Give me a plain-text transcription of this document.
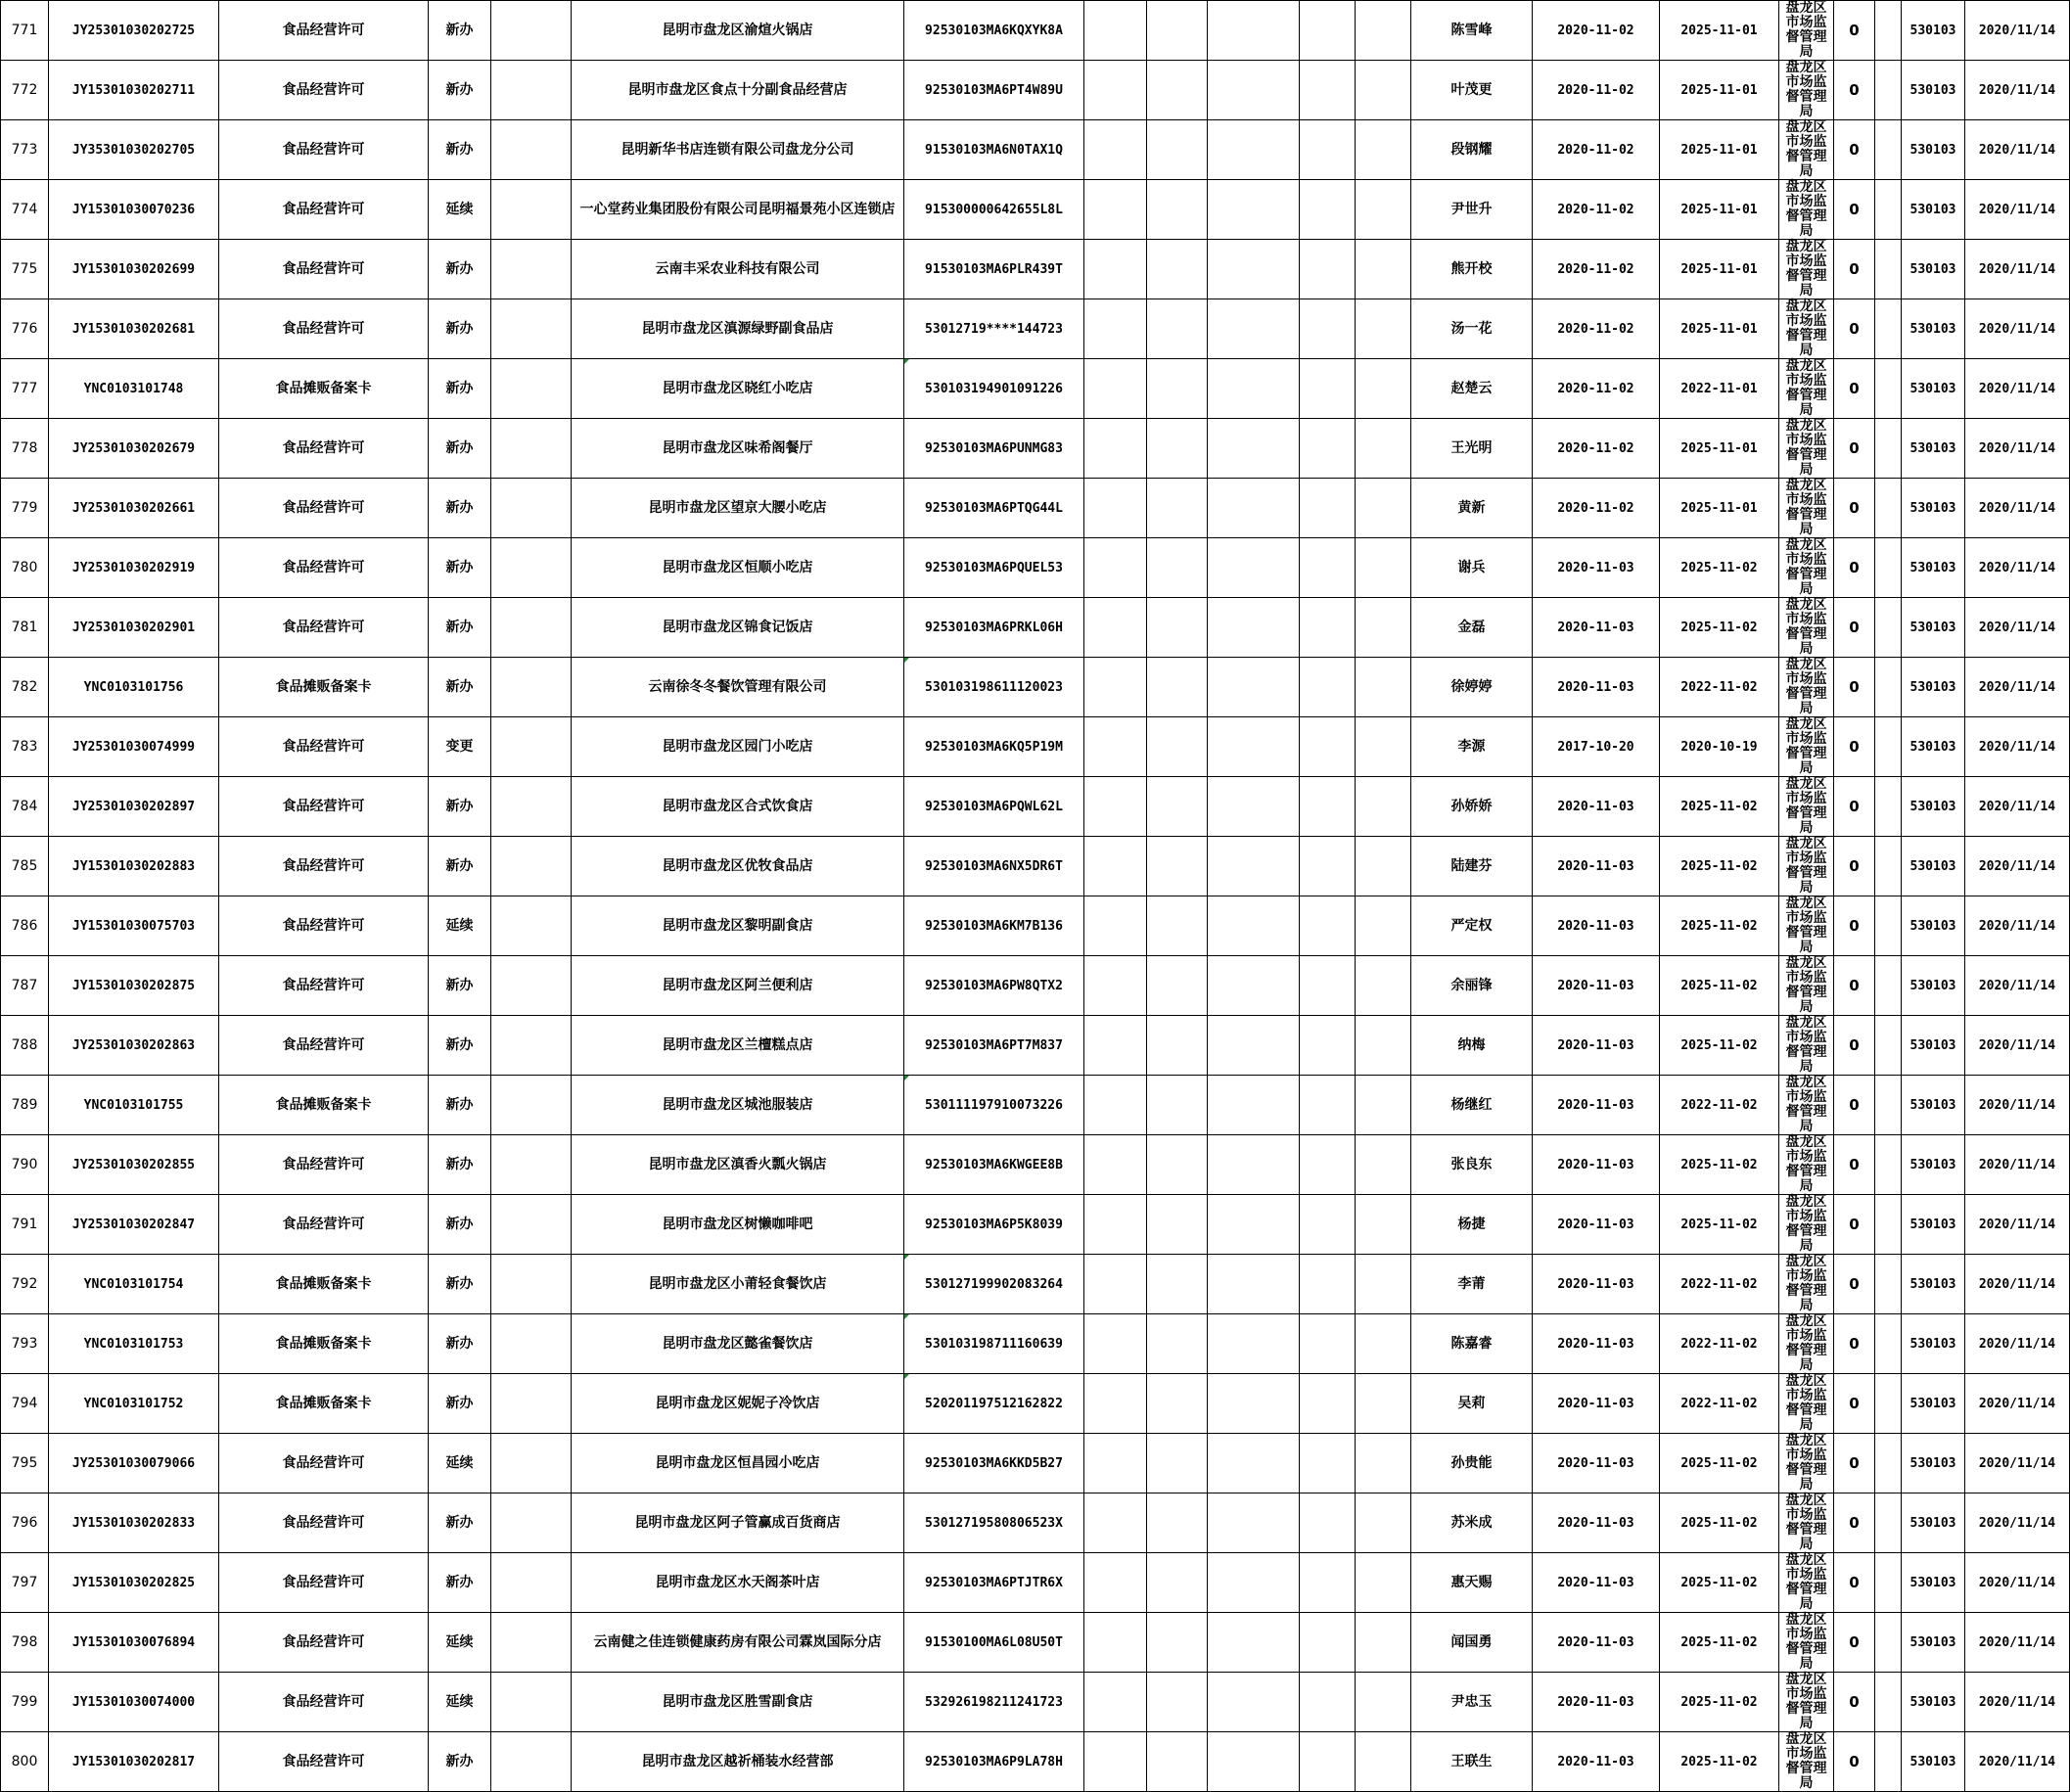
771	JY25301030202725	食品经营许可	新办		昆明市盘龙区渝煊火锅店	92530103MA6KQXYK8A						陈雪峰	2020-11-02	2025-11-01	盘龙区市场监督管理局	0		530103	2020/11/14
772	JY15301030202711	食品经营许可	新办		昆明市盘龙区食点十分副食品经营店	92530103MA6PT4W89U						叶茂更	2020-11-02	2025-11-01	盘龙区市场监督管理局	0		530103	2020/11/14
773	JY35301030202705	食品经营许可	新办		昆明新华书店连锁有限公司盘龙分公司	91530103MA6N0TAX1Q						段钢耀	2020-11-02	2025-11-01	盘龙区市场监督管理局	0		530103	2020/11/14
774	JY15301030070236	食品经营许可	延续		一心堂药业集团股份有限公司昆明福景苑小区连锁店	915300000642655L8L						尹世升	2020-11-02	2025-11-01	盘龙区市场监督管理局	0		530103	2020/11/14
775	JY15301030202699	食品经营许可	新办		云南丰采农业科技有限公司	91530103MA6PLR439T						熊开校	2020-11-02	2025-11-01	盘龙区市场监督管理局	0		530103	2020/11/14
776	JY15301030202681	食品经营许可	新办		昆明市盘龙区滇源绿野副食品店	53012719****144723						汤一花	2020-11-02	2025-11-01	盘龙区市场监督管理局	0		530103	2020/11/14
777	YNC0103101748	食品摊贩备案卡	新办		昆明市盘龙区晓红小吃店	530103194901091226						赵楚云	2020-11-02	2022-11-01	盘龙区市场监督管理局	0		530103	2020/11/14
778	JY25301030202679	食品经营许可	新办		昆明市盘龙区味希阁餐厅	92530103MA6PUNMG83						王光明	2020-11-02	2025-11-01	盘龙区市场监督管理局	0		530103	2020/11/14
779	JY25301030202661	食品经营许可	新办		昆明市盘龙区望京大腰小吃店	92530103MA6PTQG44L						黄新	2020-11-02	2025-11-01	盘龙区市场监督管理局	0		530103	2020/11/14
780	JY25301030202919	食品经营许可	新办		昆明市盘龙区恒顺小吃店	92530103MA6PQUEL53						谢兵	2020-11-03	2025-11-02	盘龙区市场监督管理局	0		530103	2020/11/14
781	JY25301030202901	食品经营许可	新办		昆明市盘龙区锦食记饭店	92530103MA6PRKL06H						金磊	2020-11-03	2025-11-02	盘龙区市场监督管理局	0		530103	2020/11/14
782	YNC0103101756	食品摊贩备案卡	新办		云南徐冬冬餐饮管理有限公司	530103198611120023						徐婷婷	2020-11-03	2022-11-02	盘龙区市场监督管理局	0		530103	2020/11/14
783	JY25301030074999	食品经营许可	变更		昆明市盘龙区园门小吃店	92530103MA6KQ5P19M						李源	2017-10-20	2020-10-19	盘龙区市场监督管理局	0		530103	2020/11/14
784	JY25301030202897	食品经营许可	新办		昆明市盘龙区合式饮食店	92530103MA6PQWL62L						孙娇娇	2020-11-03	2025-11-02	盘龙区市场监督管理局	0		530103	2020/11/14
785	JY15301030202883	食品经营许可	新办		昆明市盘龙区优牧食品店	92530103MA6NX5DR6T						陆建芬	2020-11-03	2025-11-02	盘龙区市场监督管理局	0		530103	2020/11/14
786	JY15301030075703	食品经营许可	延续		昆明市盘龙区黎明副食店	92530103MA6KM7B136						严定权	2020-11-03	2025-11-02	盘龙区市场监督管理局	0		530103	2020/11/14
787	JY15301030202875	食品经营许可	新办		昆明市盘龙区阿兰便利店	92530103MA6PW8QTX2						余丽锋	2020-11-03	2025-11-02	盘龙区市场监督管理局	0		530103	2020/11/14
788	JY25301030202863	食品经营许可	新办		昆明市盘龙区兰檀糕点店	92530103MA6PT7M837						纳梅	2020-11-03	2025-11-02	盘龙区市场监督管理局	0		530103	2020/11/14
789	YNC0103101755	食品摊贩备案卡	新办		昆明市盘龙区城池服装店	530111197910073226						杨继红	2020-11-03	2022-11-02	盘龙区市场监督管理局	0		530103	2020/11/14
790	JY25301030202855	食品经营许可	新办		昆明市盘龙区滇香火瓢火锅店	92530103MA6KWGEE8B						张良东	2020-11-03	2025-11-02	盘龙区市场监督管理局	0		530103	2020/11/14
791	JY25301030202847	食品经营许可	新办		昆明市盘龙区树懒咖啡吧	92530103MA6P5K8039						杨捷	2020-11-03	2025-11-02	盘龙区市场监督管理局	0		530103	2020/11/14
792	YNC0103101754	食品摊贩备案卡	新办		昆明市盘龙区小莆轻食餐饮店	530127199902083264						李莆	2020-11-03	2022-11-02	盘龙区市场监督管理局	0		530103	2020/11/14
793	YNC0103101753	食品摊贩备案卡	新办		昆明市盘龙区懿雀餐饮店	530103198711160639						陈嘉睿	2020-11-03	2022-11-02	盘龙区市场监督管理局	0		530103	2020/11/14
794	YNC0103101752	食品摊贩备案卡	新办		昆明市盘龙区妮妮子冷饮店	520201197512162822						吴莉	2020-11-03	2022-11-02	盘龙区市场监督管理局	0		530103	2020/11/14
795	JY25301030079066	食品经营许可	延续		昆明市盘龙区恒昌园小吃店	92530103MA6KKD5B27						孙贵能	2020-11-03	2025-11-02	盘龙区市场监督管理局	0		530103	2020/11/14
796	JY15301030202833	食品经营许可	新办		昆明市盘龙区阿子管赢成百货商店	53012719580806523X						苏米成	2020-11-03	2025-11-02	盘龙区市场监督管理局	0		530103	2020/11/14
797	JY15301030202825	食品经营许可	新办		昆明市盘龙区水天阁茶叶店	92530103MA6PTJTR6X						惠天赐	2020-11-03	2025-11-02	盘龙区市场监督管理局	0		530103	2020/11/14
798	JY15301030076894	食品经营许可	延续		云南健之佳连锁健康药房有限公司霖岚国际分店	91530100MA6L08U50T						闻国勇	2020-11-03	2025-11-02	盘龙区市场监督管理局	0		530103	2020/11/14
799	JY15301030074000	食品经营许可	延续		昆明市盘龙区胜雪副食店	532926198211241723						尹忠玉	2020-11-03	2025-11-02	盘龙区市场监督管理局	0		530103	2020/11/14
800	JY15301030202817	食品经营许可	新办		昆明市盘龙区越祈桶装水经营部	92530103MA6P9LA78H						王联生	2020-11-03	2025-11-02	盘龙区市场监督管理局	0		530103	2020/11/14
